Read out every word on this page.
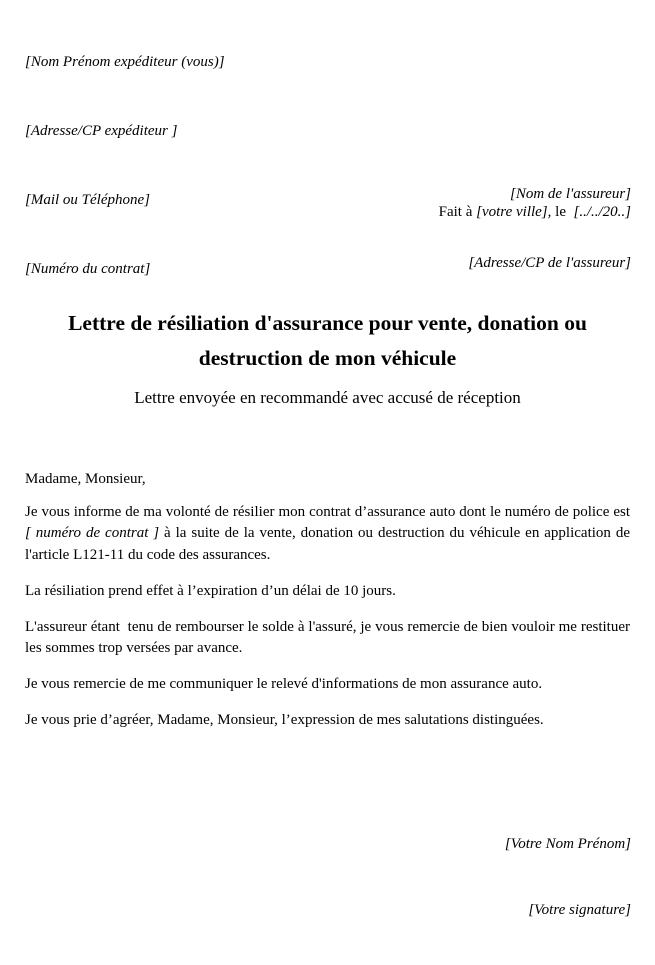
[Nom Prénom expéditeur (vous)]

[Adresse/CP expéditeur ]

[Mail ou Téléphone]

[Numéro du contrat]

[Nom de l'assureur]

[Adresse/CP de l'assureur]

Fait à [votre ville], le  [../../20..]
Lettre de résiliation d'assurance pour vente, donation ou destruction de mon véhicule
Lettre envoyée en recommandé avec accusé de réception

Madame, Monsieur,

Je vous informe de ma volonté de résilier mon contrat d’assurance auto dont le numéro de police est [ numéro de contrat ] à la suite de la vente, donation ou destruction du véhicule en application de l'article L121-11 du code des assurances.

La résiliation prend effet à l’expiration d’un délai de 10 jours.

L'assureur étant  tenu de rembourser le solde à l'assuré, je vous remercie de bien vouloir me restituer les sommes trop versées par avance.

Je vous remercie de me communiquer le relevé d'informations de mon assurance auto.

Je vous prie d’agréer, Madame, Monsieur, l’expression de mes salutations distinguées.

[Votre Nom Prénom]

[Votre signature]
